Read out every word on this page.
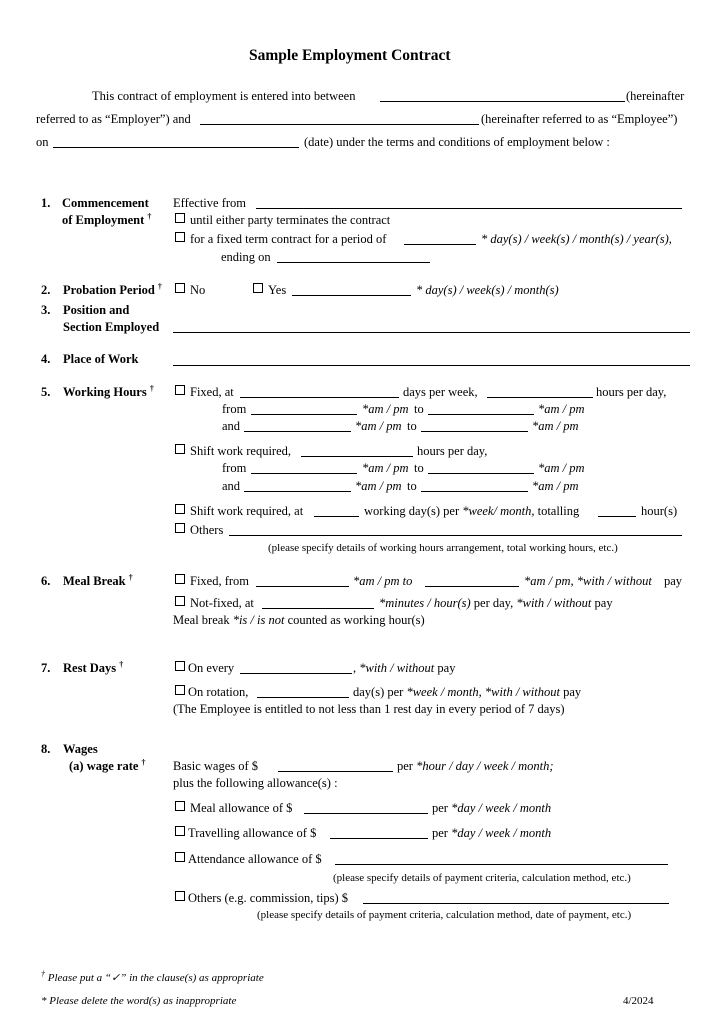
Sample Employment Contract
This contract of employment is entered into between	(hereinafter
referred to as “Employer”) and	(hereinafter referred to as “Employee”)
on	(date) under the terms and conditions of employment below :
1. Commencement
of Employment †
Effective from
until either party terminates the contract
for a fixed term contract for a period of	* day(s) / week(s) / month(s) / year(s),
ending on
2. Probation Period † No	Yes	* day(s) / week(s) / month(s)
3. Position and
Section Employed
4. Place of Work
5. Working Hours †	Fixed, at	days per week,	hours per day,
from	*am / pm to	*am / pm
and	*am / pm to	*am / pm
Shift work required,	hours per day,
from	*am / pm to	*am / pm
and	*am / pm to	*am / pm
Shift work required, at	working day(s) per *week/ month, totalling	hour(s)
Others
(please specify details of working hours arrangement, total working hours, etc.)
6. Meal Break †	Fixed, from	*am / pm to	*am / pm, *with / without pay
Not-fixed, at	*minutes / hour(s) per day, *with / without pay
Meal break *is / is not counted as working hour(s)
7. Rest Days †	On every	, *with / without pay
On rotation,	day(s) per *week / month, *with / without pay
(The Employee is entitled to not less than 1 rest day in every period of 7 days)
8. Wages
(a) wage rate † Basic wages of $	per *hour / day / week / month;
plus the following allowance(s) :
Meal allowance of $	per *day / week / month
Travelling allowance of $	per *day / week / month
Attendance allowance of $
(please specify details of payment criteria, calculation method, etc.)
Others (e.g. commission, tips) $
(please specify details of payment criteria, calculation method, date of payment, etc.)
† Please put a “✓” in the clause(s) as appropriate
* Please delete the word(s) as inappropriate	4/2024
